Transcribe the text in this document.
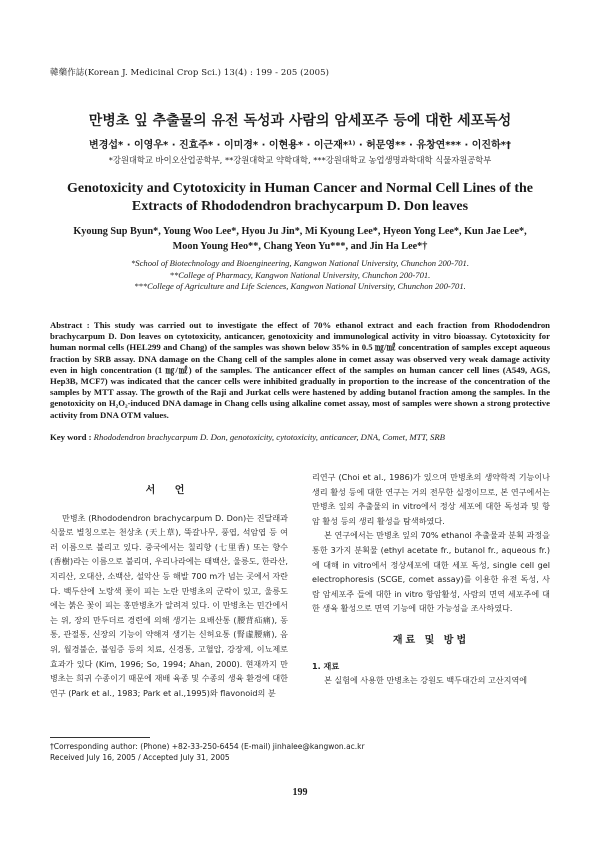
韓藥作誌(Korean J. Medicinal Crop Sci.) 13(4) : 199 - 205 (2005)
만병초 잎 추출물의 유전 독성과 사람의 암세포주 등에 대한 세포독성
변경섭* · 이영우* · 진효주* · 이미경* · 이현용* · 이근재*¹⁾ · 허문영** · 유창연*** · 이진하*†
*강원대학교 바이오산업공학부, **강원대학교 약학대학, ***강원대학교 농업생명과학대학 식물자원공학부
Genotoxicity and Cytotoxicity in Human Cancer and Normal Cell Lines of the
Extracts of Rhododendron brachycarpum D. Don leaves
Kyoung Sup Byun*, Young Woo Lee*, Hyou Ju Jin*, Mi Kyoung Lee*, Hyeon Yong Lee*, Kun Jae Lee*,
Moon Young Heo**, Chang Yeon Yu***, and Jin Ha Lee*†
*School of Biotechnology and Bioengineering, Kangwon National University, Chunchon 200-701.
**College of Pharmacy, Kangwon National University, Chunchon 200-701.
***College of Agriculture and Life Sciences, Kangwon National University, Chunchon 200-701.
Abstract : This study was carried out to investigate the effect of 70% ethanol extract and each fraction from Rhododendron brachycarpum D. Don leaves on cytotoxicity, anticancer, genotoxicity and immunological activity in vitro bioassay. Cytotoxicity for human normal cells (HEL299 and Chang) of the samples was shown below 35% in 0.5 ㎎/㎖ concentration of samples except aqueous fraction by SRB assay. DNA damage on the Chang cell of the samples alone in comet assay was observed very weak damage activity even in high concentration (1 ㎎/㎖) of the samples. The anticancer effect of the samples on human cancer cell lines (A549, AGS, Hep3B, MCF7) was indicated that the cancer cells were inhibited gradually in proportion to the increase of the concentration of the samples by MTT assay. The growth of the Raji and Jurkat cells were hastened by adding butanol fraction among the samples. In the genotoxicity on H₂O₂-induced DNA damage in Chang cells using alkaline comet assay, most of samples were shown a strong protective activity from DNA OTM values.
Key word : Rhododendron brachycarpum D. Don, genotoxicity, cytotoxicity, anticancer, DNA, Comet, MTT, SRB
서 언

만병초 (Rhododendron brachycarpum D. Don)는 진달래과 식물로 별칭으로는 천상초 (天上草), 뚝갈나무, 풍엽, 석암엽 등 여러 이름으로 불리고 있다. 중국에서는 칠리향 (七里香) 또는 향수 (香樹)라는 이름으로 불리며, 우리나라에는 태백산, 울릉도, 한라산, 지리산, 오대산, 소백산, 설악산 등 해발 700 m가 넘는 곳에서 자란다. 백두산에 노랑색 꽃이 피는 노란 만병초의 군락이 있고, 울릉도에는 붉은 꽃이 피는 홍만병초가 알려져 있다. 이 만병초는 민간에서는 위, 장의 만두더르 경련에 의해 생기는 요배산통 (腰背疝痛), 동통, 관절통, 신장의 기능이 약해져 생기는 신허요통 (腎虛腰痛), 음위, 월경불순, 불임증 등의 치료, 신경통, 고혈압, 강장제, 이뇨제로 효과가 있다 (Kim, 1996; So, 1994; Ahan, 2000). 현재까지 만병초는 희귀 수종이기 때문에 재배 육종 및 수종의 생육 환경에 대한 연구 (Park et al., 1983; Park et al.,1995)와 flavonoid의 분

리연구 (Choi et al., 1986)가 있으며 만병초의 생약학적 기능이나 생리 활성 등에 대한 연구는 거의 전무한 실정이므로, 본 연구에서는 만병초 잎의 추출물의 in vitro에서 정상 세포에 대한 독성과 및 항암 활성 등의 생리 활성을 탐색하였다.

본 연구에서는 만병초 잎의 70% ethanol 추출물과 분획 과정을 통한 3가지 분획물 (ethyl acetate fr., butanol fr., aqueous fr.)에 대해 in vitro에서 정상세포에 대한 세포 독성, single cell gel electrophoresis (SCGE, comet assay)를 이용한 유전 독성, 사람 암세포주 들에 대한 in vitro 항암활성, 사람의 면역 세포주에 대한 생육 활성으로 면역 기능에 대한 가능성을 조사하였다.

재료 및 방법
1. 재료

본 실험에 사용한 만병초는 강원도 백두대간의 고산지역에

†Corresponding author: (Phone) +82-33-250-6454 (E-mail) jinhalee@kangwon.ac.kr
Received July 16, 2005 / Accepted July 31, 2005
199
